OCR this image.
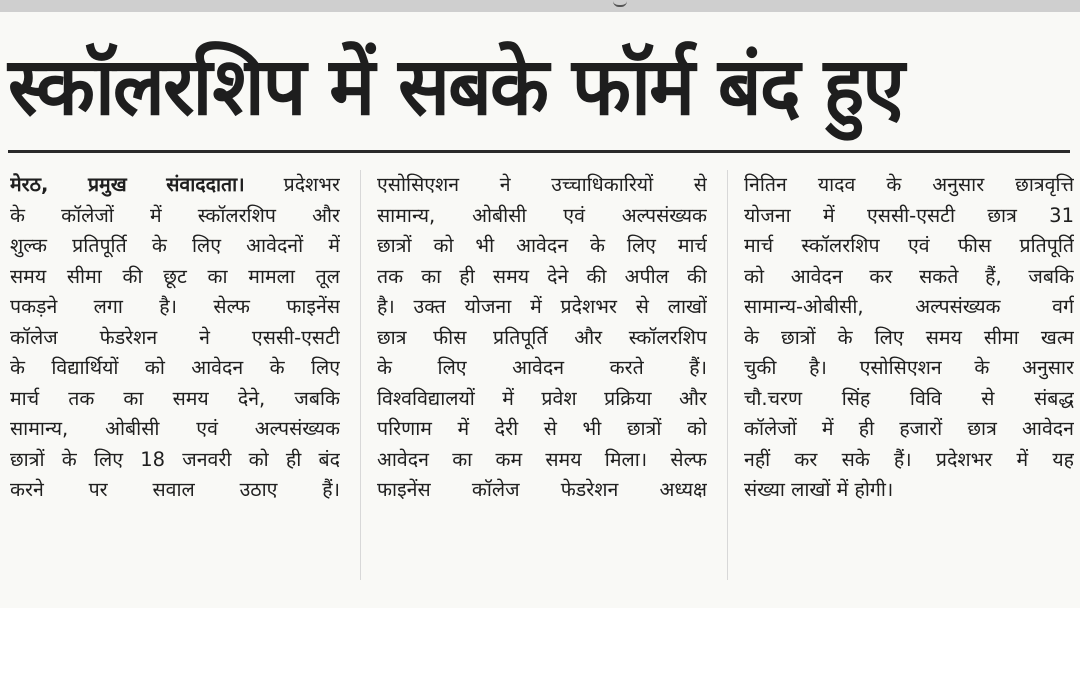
स्कॉलरशिप में सबके फॉर्म बंद हुए
मेरठ, प्रमुख संवाददाता। प्रदेशभर
के कॉलेजों में स्कॉलरशिप और
शुल्क प्रतिपूर्ति के लिए आवेदनों में
समय सीमा की छूट का मामला तूल
पकड़ने लगा है। सेल्फ फाइनेंस
कॉलेज फेडरेशन ने एससी-एसटी
के विद्यार्थियों को आवेदन के लिए
मार्च तक का समय देने, जबकि
सामान्य, ओबीसी एवं अल्पसंख्यक
छात्रों के लिए 18 जनवरी को ही बंद
करने पर सवाल उठाए हैं।
एसोसिएशन ने उच्चाधिकारियों से
सामान्य, ओबीसी एवं अल्पसंख्यक
छात्रों को भी आवेदन के लिए मार्च
तक का ही समय देने की अपील की
है। उक्त योजना में प्रदेशभर से लाखों
छात्र फीस प्रतिपूर्ति और स्कॉलरशिप
के लिए आवेदन करते हैं।
विश्वविद्यालयों में प्रवेश प्रक्रिया और
परिणाम में देरी से भी छात्रों को
आवेदन का कम समय मिला। सेल्फ
फाइनेंस कॉलेज फेडरेशन अध्यक्ष
नितिन यादव के अनुसार छात्रवृत्ति
योजना में एससी-एसटी छात्र 31
मार्च स्कॉलरशिप एवं फीस प्रतिपूर्ति
को आवेदन कर सकते हैं, जबकि
सामान्य-ओबीसी, अल्पसंख्यक वर्ग
के छात्रों के लिए समय सीमा खत्म
चुकी है। एसोसिएशन के अनुसार
चौ.चरण सिंह विवि से संबद्ध
कॉलेजों में ही हजारों छात्र आवेदन
नहीं कर सके हैं। प्रदेशभर में यह
संख्या लाखों में होगी।
